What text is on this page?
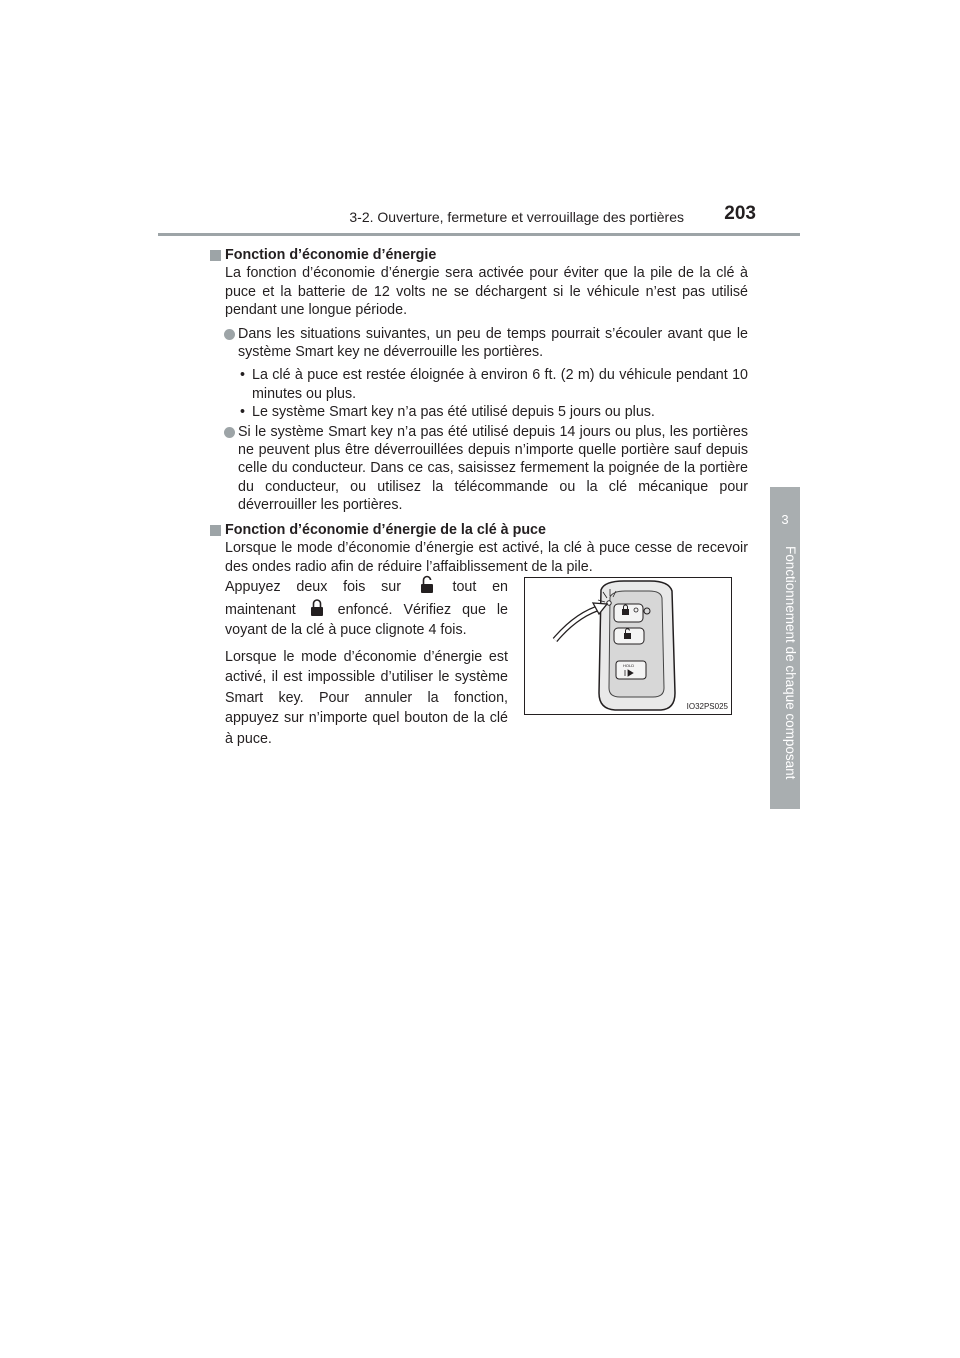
3-2. Ouverture, fermeture et verrouillage des portières 203
3
Fonctionnement de chaque composant
Fonction d’économie d’énergie
La fonction d’économie d’énergie sera activée pour éviter que la pile de la clé à puce et la batterie de 12 volts ne se déchargent si le véhicule n’est pas utilisé pendant une longue période.
Dans les situations suivantes, un peu de temps pourrait s’écouler avant que le système Smart key ne déverrouille les portières.
• La clé à puce est restée éloignée à environ 6 ft. (2 m) du véhicule pendant 10 minutes ou plus.
• Le système Smart key n’a pas été utilisé depuis 5 jours ou plus.
Si le système Smart key n’a pas été utilisé depuis 14 jours ou plus, les portières ne peuvent plus être déverrouillées depuis n’importe quelle portière sauf depuis celle du conducteur. Dans ce cas, saisissez fermement la poignée de la portière du conducteur, ou utilisez la télécommande ou la clé mécanique pour déverrouiller les portières.
Fonction d’économie d’énergie de la clé à puce
Lorsque le mode d’économie d’énergie est activé, la clé à puce cesse de recevoir des ondes radio afin de réduire l’affaiblissement de la pile.

Appuyez deux fois sur	tout en maintenant	enfoncé. Vérifiez que le voyant de la clé à puce clignote 4 fois.

Lorsque le mode d’économie d’énergie est activé, il est impossible d’utiliser le système Smart key. Pour annuler la fonction, appuyez sur n’importe quel bouton de la clé à puce.

HOLD
IO32PS025
